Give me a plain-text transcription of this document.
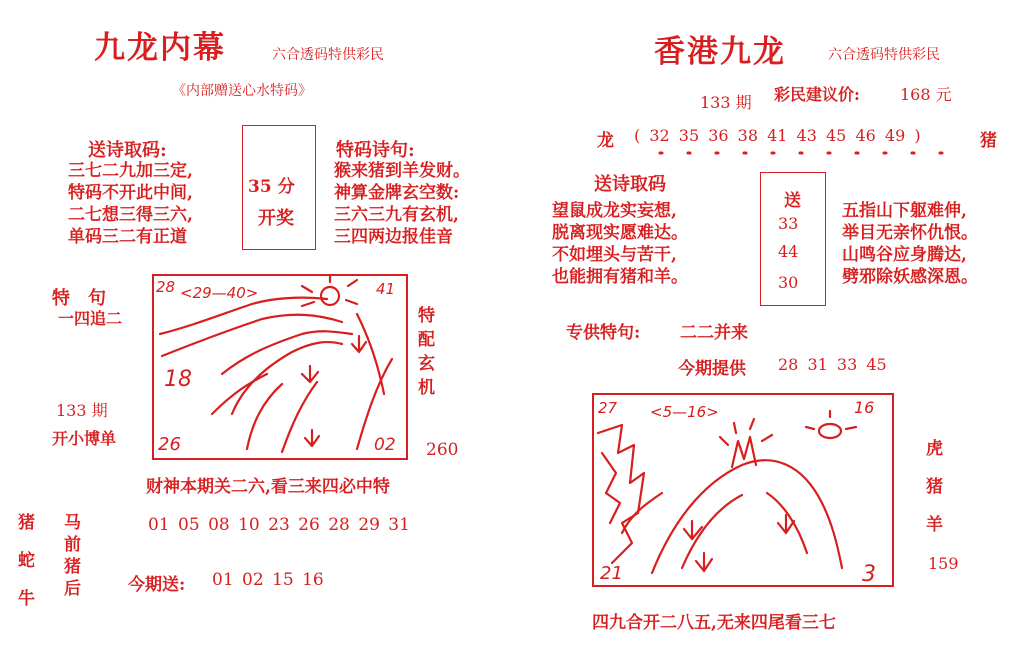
九龙内幕	六合透码特供彩民
《内部赠送心水特码》
送诗取码:
三七二九加三定,
特码不开此中间,
二七想三得三六,
单码三二有正道
35 分
开奖
特码诗句:
猴来猪到羊发财。
神算金牌玄空数:
三六三九有玄机,
三四两边报佳音
特　句
一四追二
133 期
开小博单
28	41
26	02
18
<29—40>
特
配
玄
机
260
财神本期关二六,看三来四必中特
猪
蛇
牛
马
前
猪
后
01 05 08 10 23 26 28 29 31
今期送: 01 02 15 16
香港九龙	六合透码特供彩民
133 期 彩民建议价:	168 元
龙 ( 32 35 36 38 41 43 45 46 49 )	猪
送诗取码
望鼠成龙实妄想,
脱离现实愿难达。
不如埋头与苦干,
也能拥有猪和羊。
送
33
44
30
五指山下躯难伸,
举目无亲怀仇恨。
山鸣谷应身腾达,
劈邪除妖感深恩。
专供特句: 二二并来
今期提供 28 31 33 45
27	16
21	3
<5—16>
虎
猪
羊
159
四九合开二八五,无来四尾看三七
